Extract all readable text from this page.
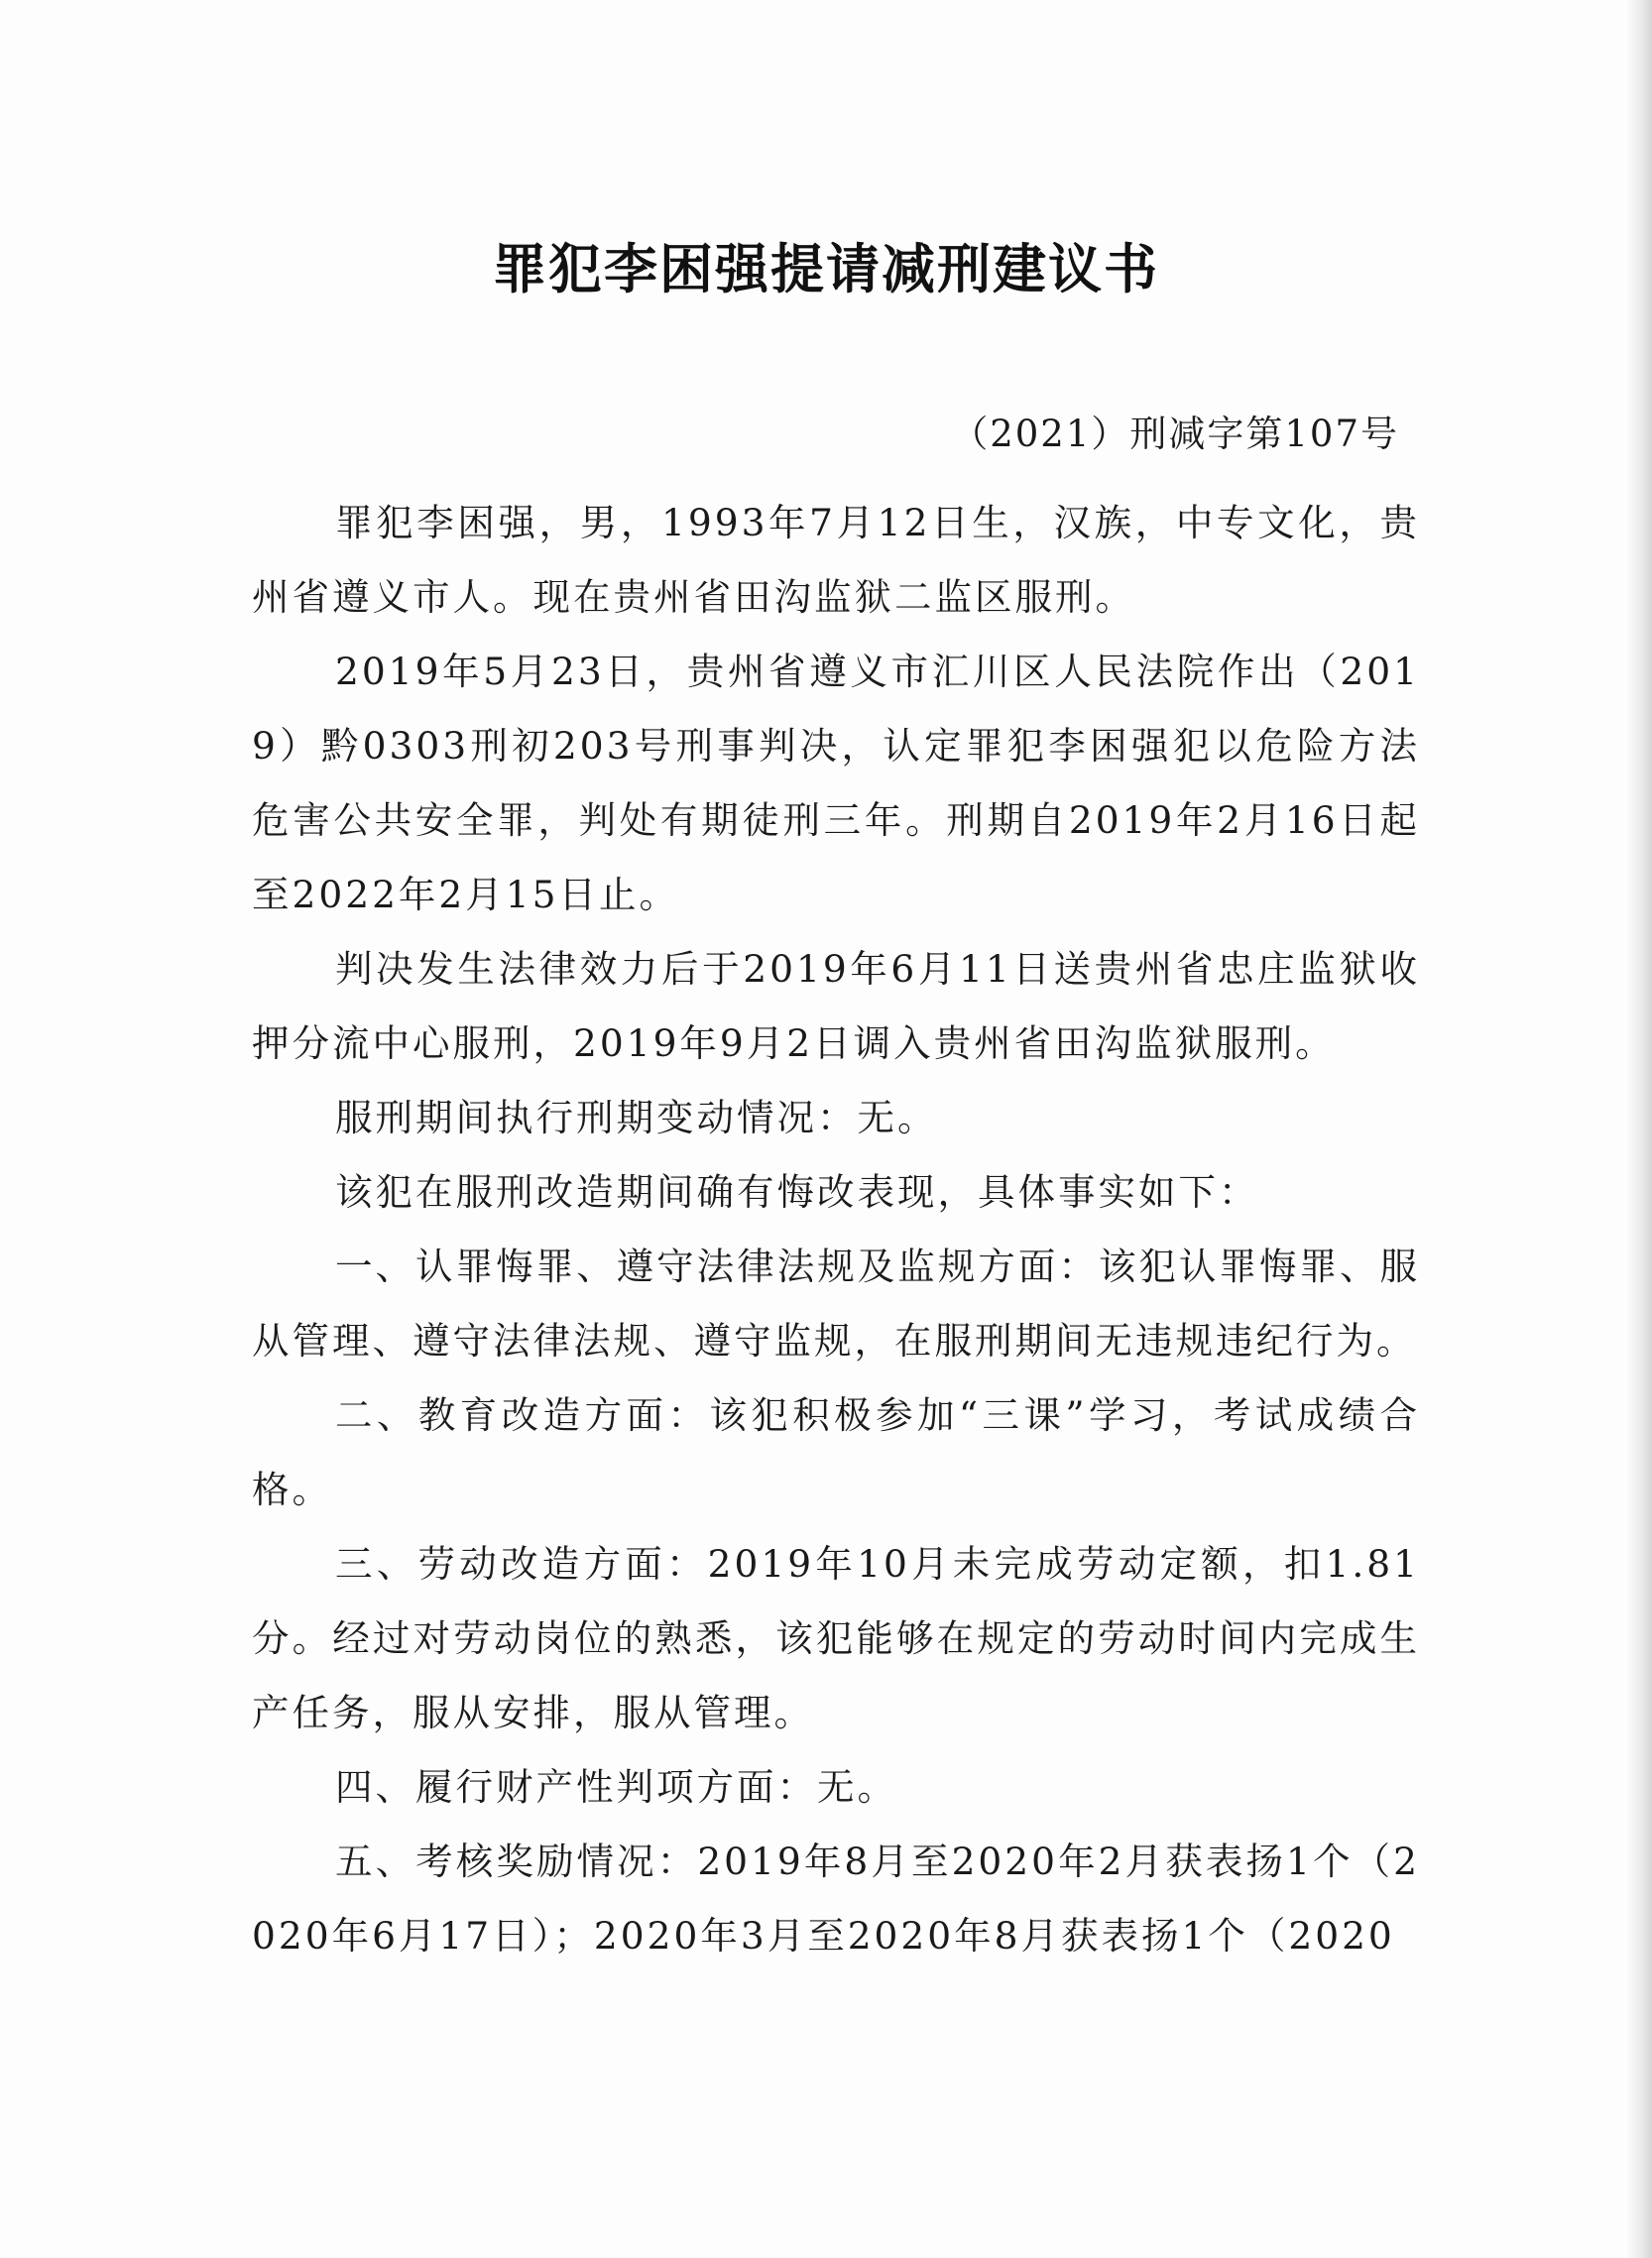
罪犯李困强提请减刑建议书
（2021）刑减字第107号

罪犯李困强，男，1993年7月12日生，汉族，中专文化，贵州省遵义市人。现在贵州省田沟监狱二监区服刑。

2019年5月23日，贵州省遵义市汇川区人民法院作出（2019）黔0303刑初203号刑事判决，认定罪犯李困强犯以危险方法危害公共安全罪，判处有期徒刑三年。刑期自2019年2月16日起至2022年2月15日止。

判决发生法律效力后于2019年6月11日送贵州省忠庄监狱收押分流中心服刑，2019年9月2日调入贵州省田沟监狱服刑。

服刑期间执行刑期变动情况：无。

该犯在服刑改造期间确有悔改表现，具体事实如下：

一、认罪悔罪、遵守法律法规及监规方面：该犯认罪悔罪、服从管理、遵守法律法规、遵守监规，在服刑期间无违规违纪行为。

二、教育改造方面：该犯积极参加“三课”学习，考试成绩合格。

三、劳动改造方面：2019年10月未完成劳动定额，扣1.81分。经过对劳动岗位的熟悉，该犯能够在规定的劳动时间内完成生产任务，服从安排，服从管理。

四、履行财产性判项方面：无。

五、考核奖励情况：2019年8月至2020年2月获表扬1个（2020年6月17日）；2020年3月至2020年8月获表扬1个（2020
